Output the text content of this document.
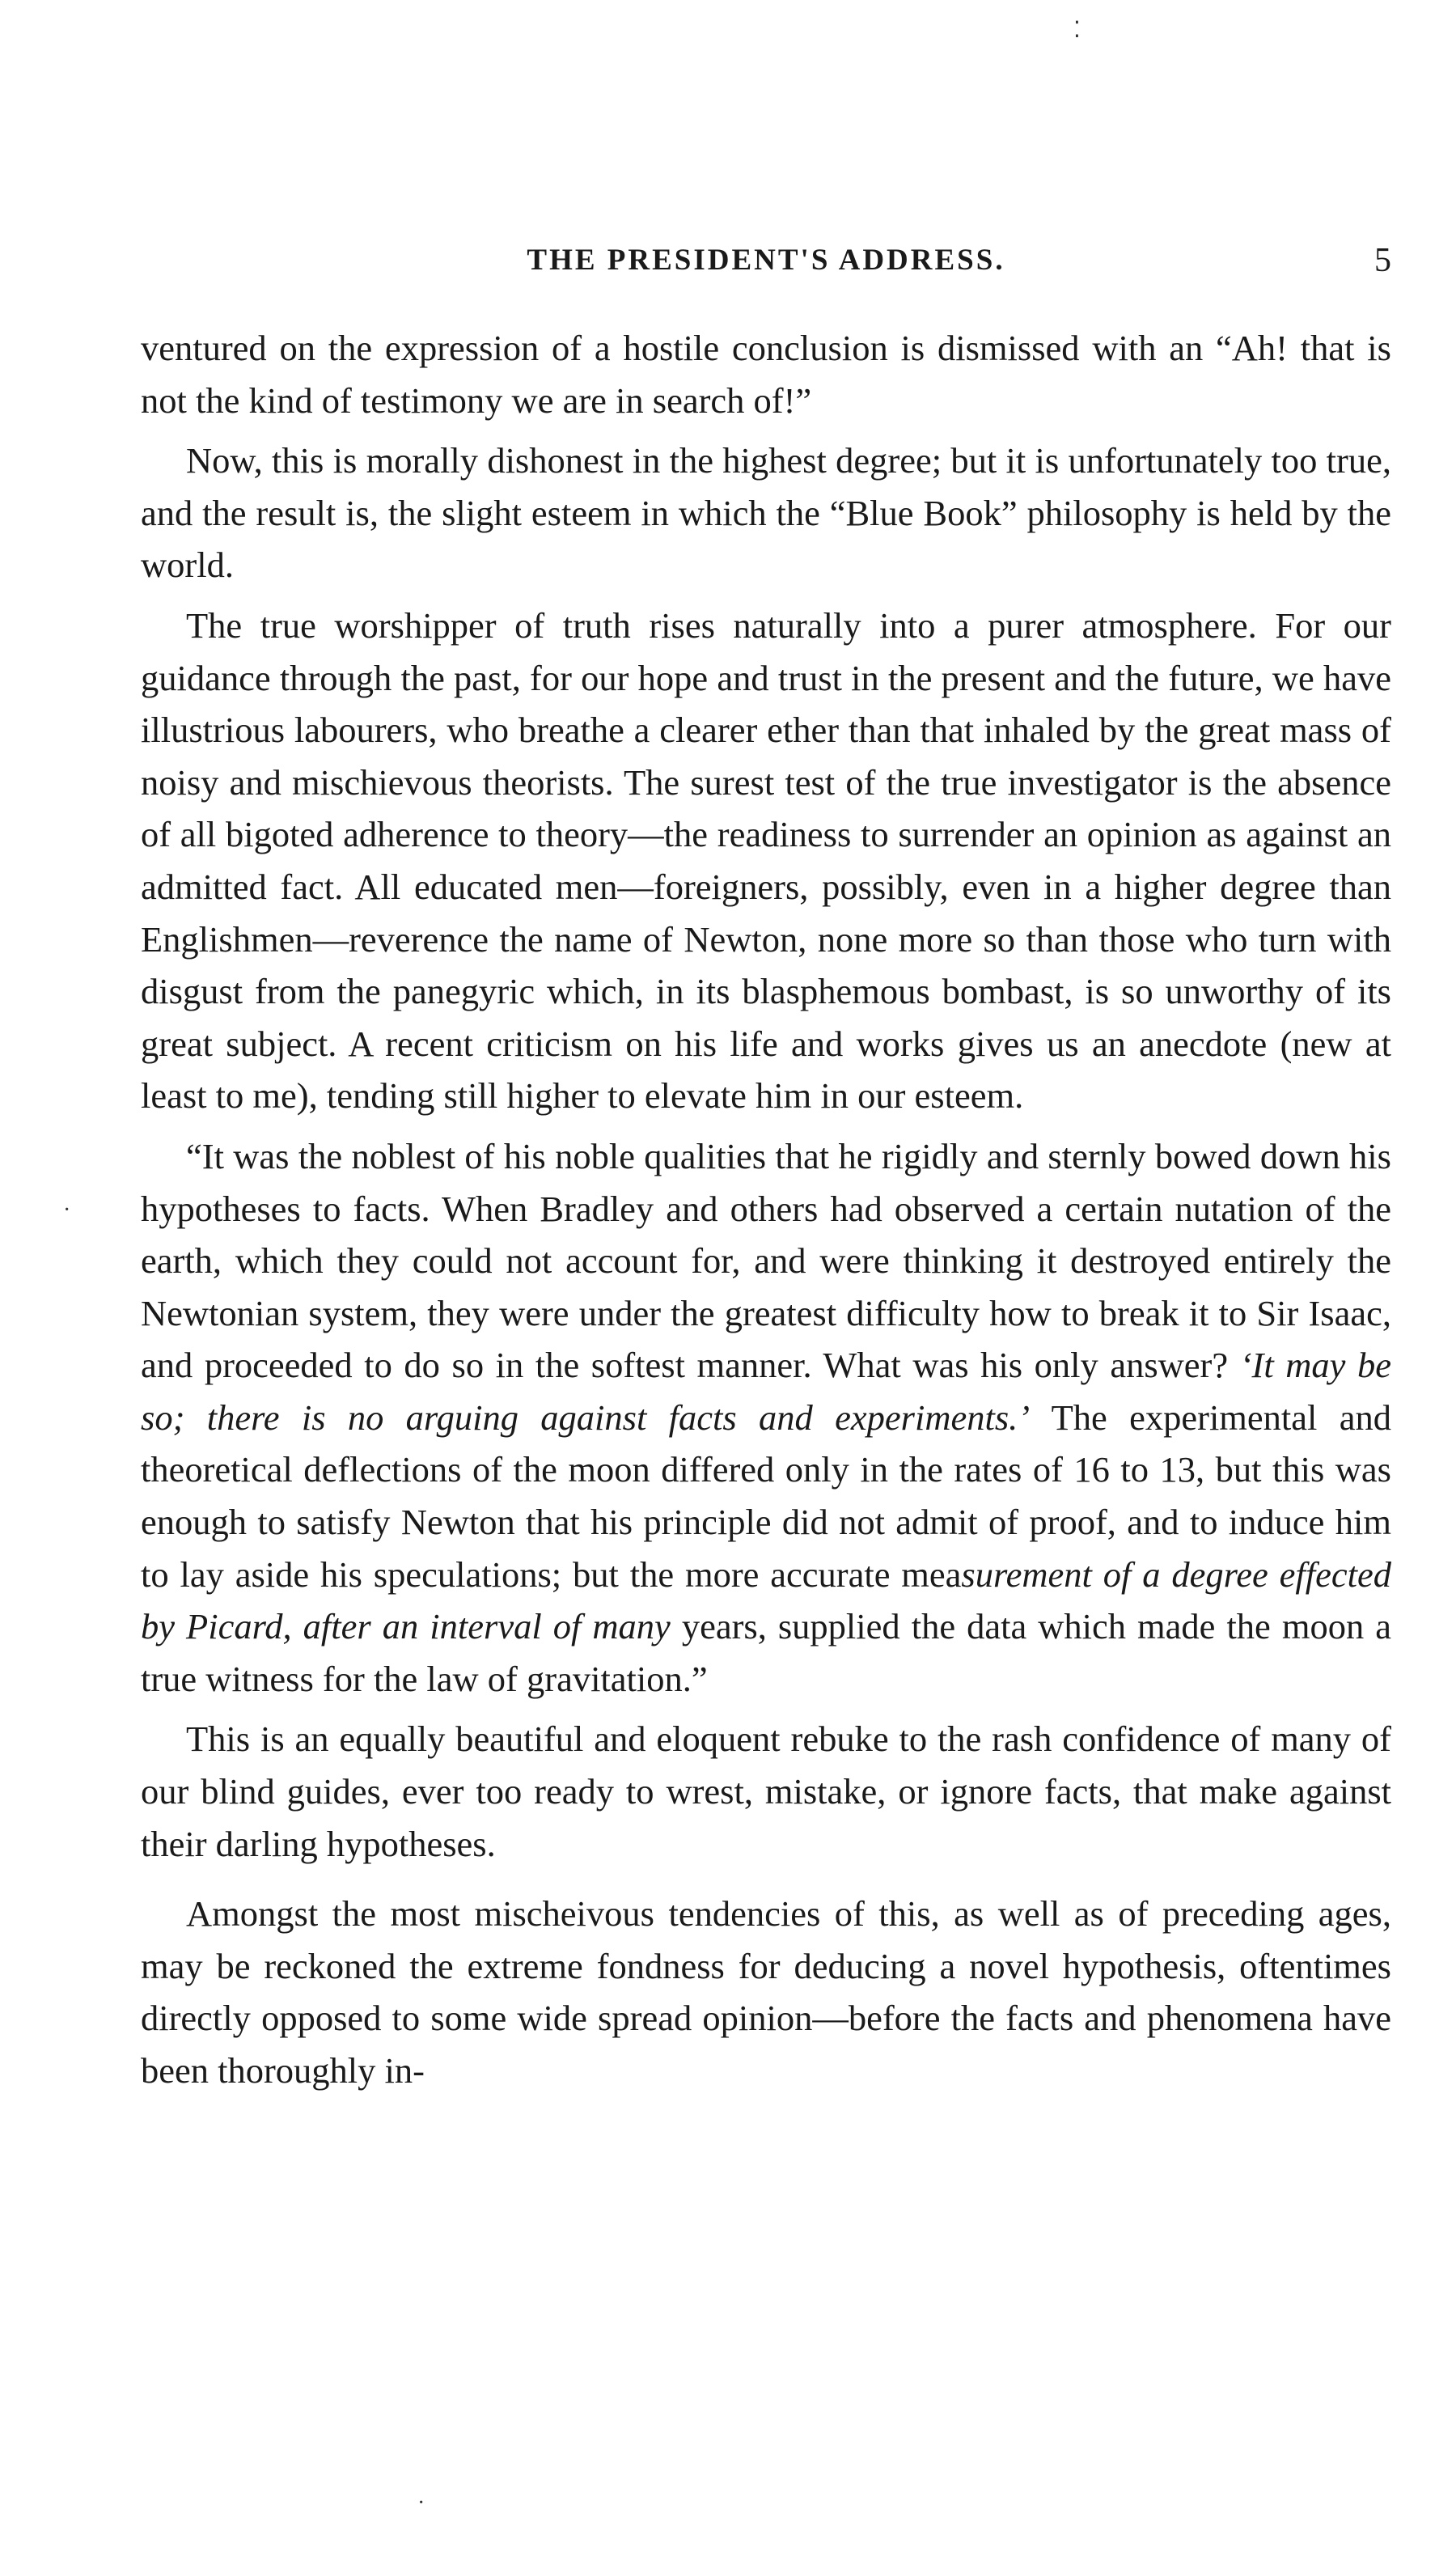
⁚
·
·
THE PRESIDENT'S ADDRESS.	5

ventured on the expression of a hostile conclusion is dismissed with an “Ah! that is not the kind of testimony we are in search of!”

Now, this is morally dishonest in the highest degree; but it is unfortunately too true, and the result is, the slight esteem in which the “Blue Book” philosophy is held by the world.

The true worshipper of truth rises naturally into a purer atmosphere. For our guidance through the past, for our hope and trust in the present and the future, we have illustrious labourers, who breathe a clearer ether than that inhaled by the great mass of noisy and mischievous theorists. The surest test of the true investigator is the absence of all bigoted adherence to theory—the readiness to surrender an opinion as against an admitted fact. All educated men—foreigners, possibly, even in a higher degree than Englishmen—reverence the name of Newton, none more so than those who turn with disgust from the panegyric which, in its blasphemous bombast, is so unworthy of its great subject. A recent criticism on his life and works gives us an anecdote (new at least to me), tending still higher to elevate him in our esteem.

“It was the noblest of his noble qualities that he rigidly and sternly bowed down his hypotheses to facts. When Bradley and others had observed a certain nutation of the earth, which they could not account for, and were thinking it destroyed entirely the Newtonian system, they were under the greatest difficulty how to break it to Sir Isaac, and proceeded to do so in the softest manner. What was his only answer? ‘It may be so; there is no arguing against facts and experiments.’ The experimental and theoretical deflections of the moon differed only in the rates of 16 to 13, but this was enough to satisfy Newton that his principle did not admit of proof, and to induce him to lay aside his speculations; but the more accurate measurement of a degree effected by Picard, after an interval of many years, supplied the data which made the moon a true witness for the law of gravitation.”

This is an equally beautiful and eloquent rebuke to the rash confidence of many of our blind guides, ever too ready to wrest, mistake, or ignore facts, that make against their darling hypotheses.

Amongst the most mischeivous tendencies of this, as well as of preceding ages, may be reckoned the extreme fondness for deducing a novel hypothesis, oftentimes directly opposed to some wide spread opinion—before the facts and phenomena have been thoroughly in-
